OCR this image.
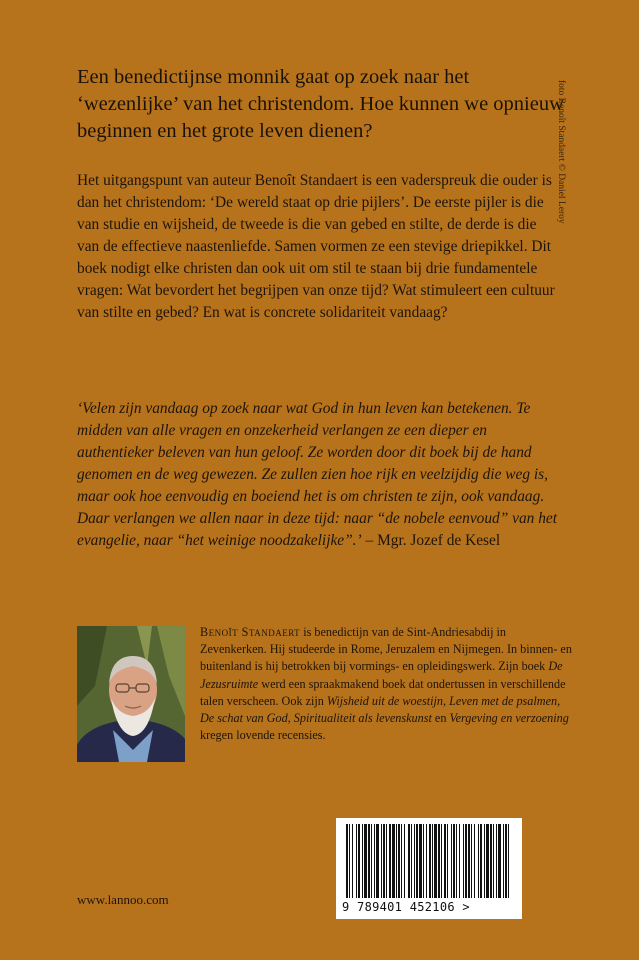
foto Benoît Standaert © Daniel Leroy

Een benedictijnse monnik gaat op zoek naar het ‘wezenlijke’ van het christendom. Hoe kunnen we opnieuw beginnen en het grote leven dienen?

Het uitgangspunt van auteur Benoît Standaert is een vaderspreuk die ouder is dan het christendom: ‘De wereld staat op drie pijlers’. De eerste pijler is die van studie en wijsheid, de tweede is die van gebed en stilte, de derde is die van de effectieve naastenliefde. Samen vormen ze een stevige driepikkel. Dit boek nodigt elke christen dan ook uit om stil te staan bij drie fundamentele vragen: Wat bevordert het begrijpen van onze tijd? Wat stimuleert een cultuur van stilte en gebed? En wat is concrete solidariteit vandaag?

‘Velen zijn vandaag op zoek naar wat God in hun leven kan betekenen. Te midden van alle vragen en onzekerheid verlangen ze een dieper en authentieker beleven van hun geloof. Ze worden door dit boek bij de hand genomen en de weg gewezen. Ze zullen zien hoe rijk en veelzijdig die weg is, maar ook hoe eenvoudig en boeiend het is om christen te zijn, ook vandaag. Daar verlangen we allen naar in deze tijd: naar “de nobele eenvoud” van het evangelie, naar “het weinige noodzakelijke”.’ – Mgr. Jozef de Kesel
Benoît Standaert is benedictijn van de Sint-Andriesabdij in Zevenkerken. Hij studeerde in Rome, Jeruzalem en Nijmegen. In binnen- en buitenland is hij betrokken bij vormings- en opleidingswerk. Zijn boek De Jezusruimte werd een spraakmakend boek dat ondertussen in verschillende talen verscheen. Ook zijn Wijsheid uit de woestijn, Leven met de psalmen, De schat van God, Spiritualiteit als levenskunst en Vergeving en verzoening kregen lovende recensies.
9 789401 452106 >
www.lannoo.com
